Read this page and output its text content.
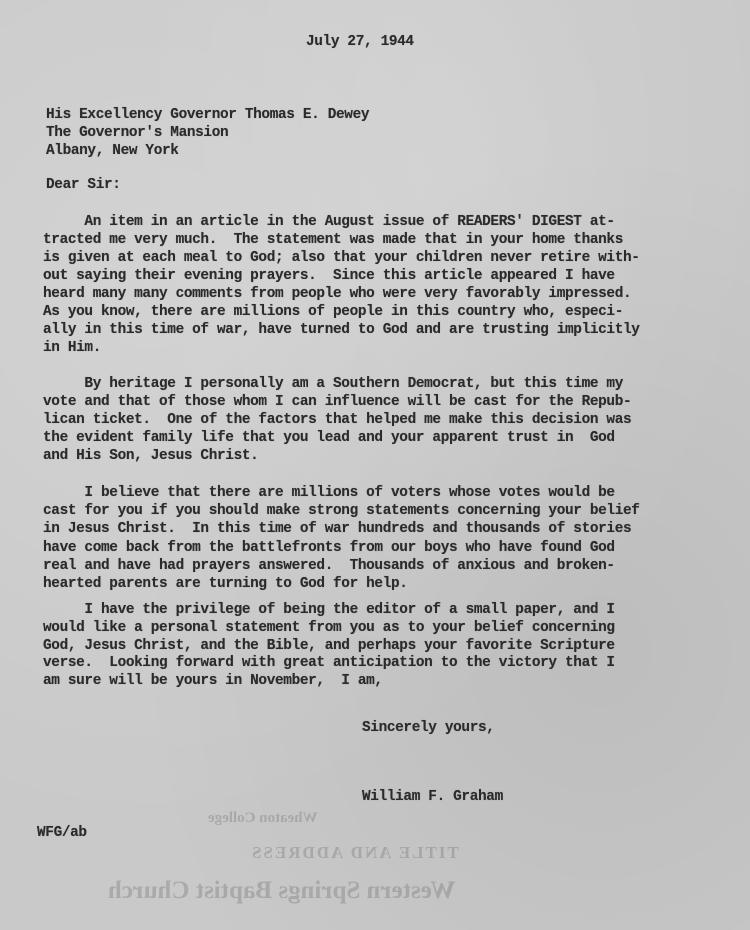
July 27, 1944
His Excellency Governor Thomas E. Dewey
The Governor's Mansion
Albany, New York
Dear Sir:
An item in an article in the August issue of READERS' DIGEST at-
tracted me very much.  The statement was made that in your home thanks
is given at each meal to God; also that your children never retire with-
out saying their evening prayers.  Since this article appeared I have
heard many many comments from people who were very favorably impressed.
As you know, there are millions of people in this country who, especi-
ally in this time of war, have turned to God and are trusting implicitly
in Him.
By heritage I personally am a Southern Democrat, but this time my
vote and that of those whom I can influence will be cast for the Repub-
lican ticket.  One of the factors that helped me make this decision was
the evident family life that you lead and your apparent trust in  God
and His Son, Jesus Christ.
I believe that there are millions of voters whose votes would be
cast for you if you should make strong statements concerning your belief
in Jesus Christ.  In this time of war hundreds and thousands of stories
have come back from the battlefronts from our boys who have found God
real and have had prayers answered.  Thousands of anxious and broken-
hearted parents are turning to God for help.
I have the privilege of being the editor of a small paper, and I
would like a personal statement from you as to your belief concerning
God, Jesus Christ, and the Bible, and perhaps your favorite Scripture
verse.  Looking forward with great anticipation to the victory that I
am sure will be yours in November,  I am,
Sincerely yours,
William F. Graham
WFG/ab
Wheaton College
TITLE AND ADDRESS
Western Springs Baptist Church
